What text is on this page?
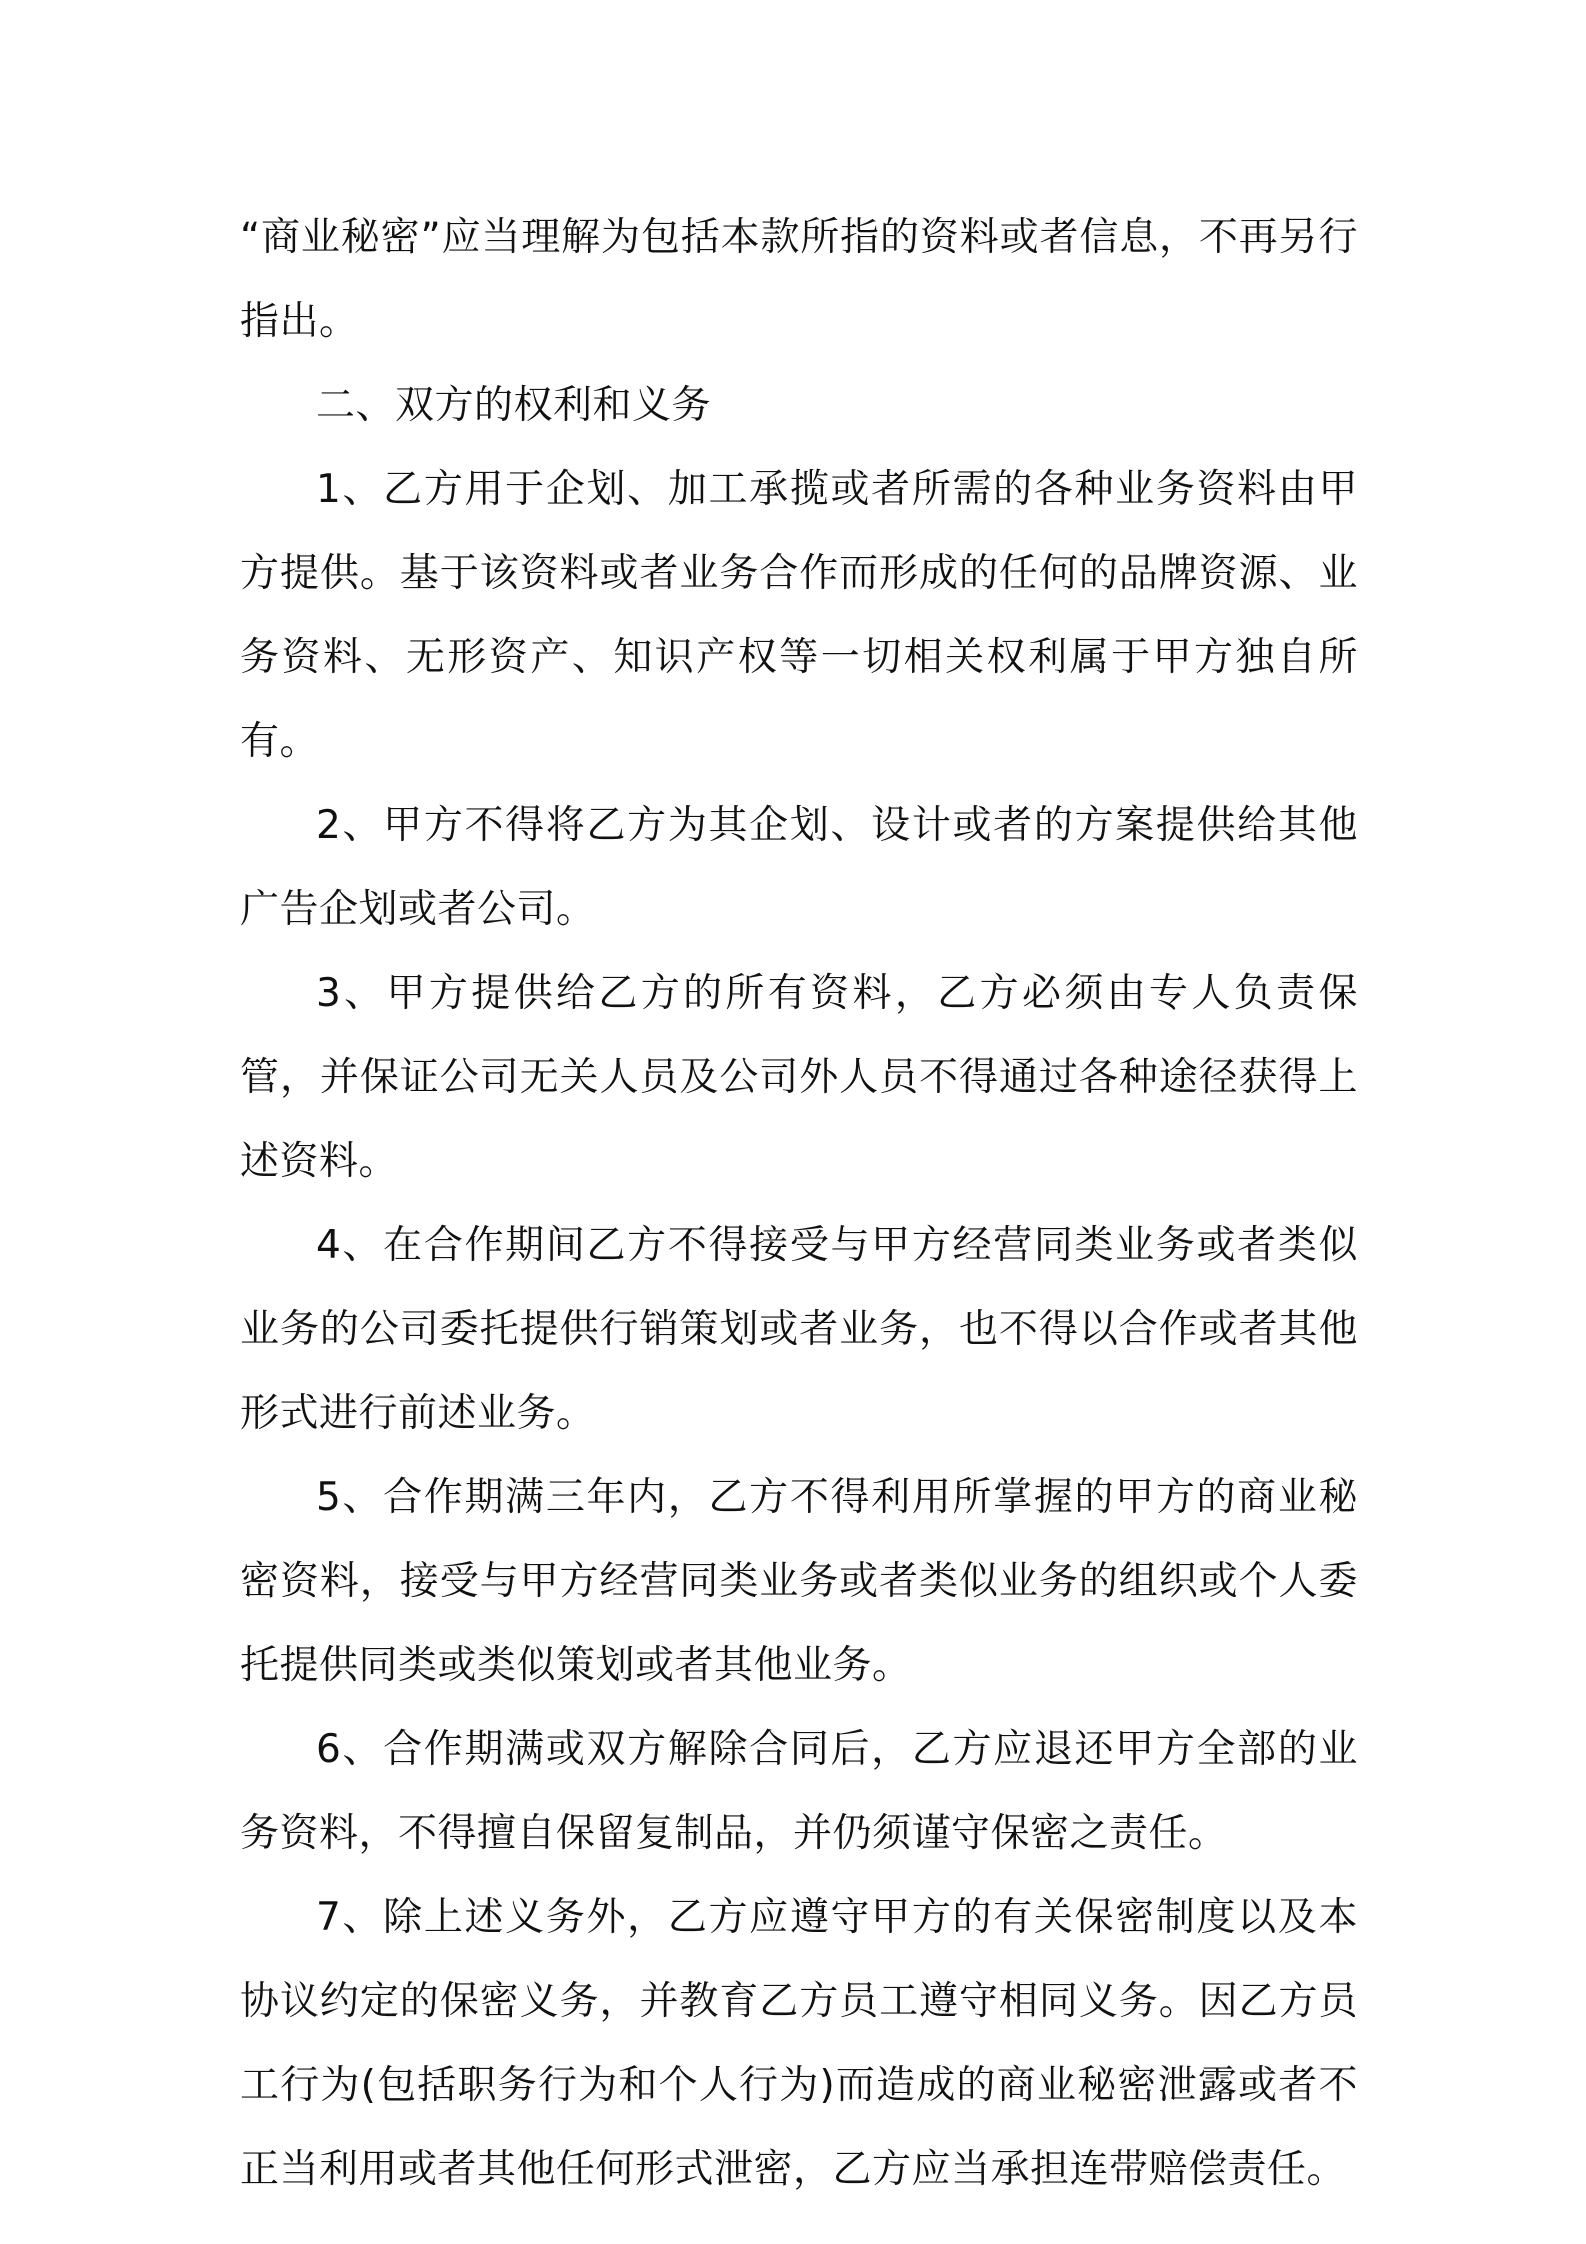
“商业秘密”应当理解为包括本款所指的资料或者信息，不再另行指出。

二、双方的权利和义务

1、乙方用于企划、加工承揽或者所需的各种业务资料由甲方提供。基于该资料或者业务合作而形成的任何的品牌资源、业务资料、无形资产、知识产权等一切相关权利属于甲方独自所有。

2、甲方不得将乙方为其企划、设计或者的方案提供给其他广告企划或者公司。

3、甲方提供给乙方的所有资料，乙方必须由专人负责保管，并保证公司无关人员及公司外人员不得通过各种途径获得上述资料。

4、在合作期间乙方不得接受与甲方经营同类业务或者类似业务的公司委托提供行销策划或者业务，也不得以合作或者其他形式进行前述业务。

5、合作期满三年内，乙方不得利用所掌握的甲方的商业秘密资料，接受与甲方经营同类业务或者类似业务的组织或个人委托提供同类或类似策划或者其他业务。

6、合作期满或双方解除合同后，乙方应退还甲方全部的业务资料，不得擅自保留复制品，并仍须谨守保密之责任。

7、除上述义务外，乙方应遵守甲方的有关保密制度以及本协议约定的保密义务，并教育乙方员工遵守相同义务。因乙方员工行为(包括职务行为和个人行为)而造成的商业秘密泄露或者不正当利用或者其他任何形式泄密，乙方应当承担连带赔偿责任。
